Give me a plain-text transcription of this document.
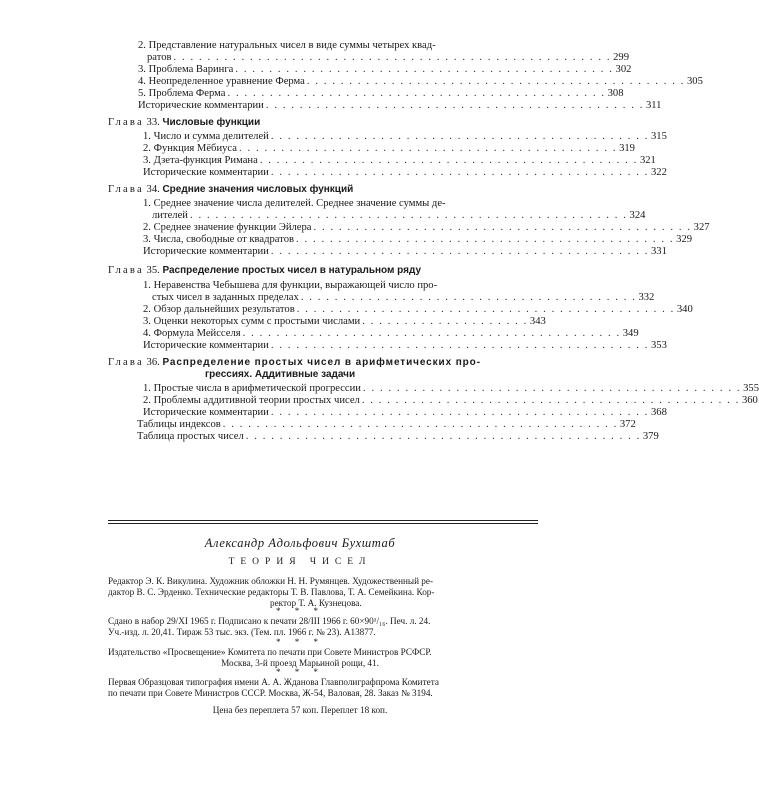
2. Представление натуральных чисел в виде суммы четырех квад-
ратов . . . . . . . . . . . . . . . . . . . . . . . . . . . . . . . . . . . . . . . . . . . . . . . . . . . . 299
3. Проблема Варинга . . . . . . . . . . . . . . . . . . . . . . . . . . . . . . . . . . . . . . . . . . . . . 302
4. Неопределенное уравнение Ферма . . . . . . . . . . . . . . . . . . . . . . . . . . . . . . . . . . . . . . . . . . . . . 305
5. Проблема Ферма . . . . . . . . . . . . . . . . . . . . . . . . . . . . . . . . . . . . . . . . . . . . . 308
Исторические комментарии . . . . . . . . . . . . . . . . . . . . . . . . . . . . . . . . . . . . . . . . . . . . . 311
Глава 33. Числовые функции
1. Число и сумма делителей . . . . . . . . . . . . . . . . . . . . . . . . . . . . . . . . . . . . . . . . . . . . . 315
2. Функция Мёбиуса . . . . . . . . . . . . . . . . . . . . . . . . . . . . . . . . . . . . . . . . . . . . . 319
3. Дзета-функция Римана . . . . . . . . . . . . . . . . . . . . . . . . . . . . . . . . . . . . . . . . . . . . . 321
Исторические комментарии . . . . . . . . . . . . . . . . . . . . . . . . . . . . . . . . . . . . . . . . . . . . . 322
Глава 34. Средние значения числовых функций
1. Среднее значение числа делителей. Среднее значение суммы де-
лителей . . . . . . . . . . . . . . . . . . . . . . . . . . . . . . . . . . . . . . . . . . . . . . . . . . . . 324
2. Среднее значение функции Эйлера . . . . . . . . . . . . . . . . . . . . . . . . . . . . . . . . . . . . . . . . . . . . . 327
3. Числа, свободные от квадратов . . . . . . . . . . . . . . . . . . . . . . . . . . . . . . . . . . . . . . . . . . . . . 329
Исторические комментарии . . . . . . . . . . . . . . . . . . . . . . . . . . . . . . . . . . . . . . . . . . . . . 331
Глава 35. Распределение простых чисел в натуральном ряду
1. Неравенства Чебышева для функции, выражающей число про-
стых чисел в заданных пределах . . . . . . . . . . . . . . . . . . . . . . . . . . . . . . . . . . . . . . . . 332
2. Обзор дальнейших результатов . . . . . . . . . . . . . . . . . . . . . . . . . . . . . . . . . . . . . . . . . . . . . 340
3. Оценки некоторых сумм с простыми числами . . . . . . . . . . . . . . . . . . . . 343
4. Формула Мейсселя . . . . . . . . . . . . . . . . . . . . . . . . . . . . . . . . . . . . . . . . . . . . . 349
Исторические комментарии . . . . . . . . . . . . . . . . . . . . . . . . . . . . . . . . . . . . . . . . . . . . . 353
Глава 36. Распределение простых чисел в арифметических про-
грессиях. Аддитивные задачи
1. Простые числа в арифметической прогрессии . . . . . . . . . . . . . . . . . . . . . . . . . . . . . . . . . . . . . . . . . . . . . 355
2. Проблемы аддитивной теории простых чисел . . . . . . . . . . . . . . . . . . . . . . . . . . . . . . . . . . . . . . . . . . . . . 360
Исторические комментарии . . . . . . . . . . . . . . . . . . . . . . . . . . . . . . . . . . . . . . . . . . . . . 368
Таблицы индексов . . . . . . . . . . . . . . . . . . . . . . . . . . . . . . . . . . . . . . . . . . . . . . . 372
Таблица простых чисел . . . . . . . . . . . . . . . . . . . . . . . . . . . . . . . . . . . . . . . . . . . . . . . 379
Александр Адольфович Бухштаб
ТЕОРИЯ ЧИСЕЛ
Редактор Э. К. Викулина. Художник обложки Н. Н. Румянцев. Художественный ре-
дактор В. С. Эрденко. Технические редакторы Т. В. Павлова, Т. А. Семейкина. Кор-
ректор Т. А. Кузнецова.
* * *
Сдано в набор 29/XI 1965 г. Подписано к печати 28/III 1966 г. 60×90¹/₁₆. Печ. л. 24.
Уч.-изд. л. 20,41. Тираж 53 тыс. экз. (Тем. пл. 1966 г. № 23). А13877.
* * *
Издательство «Просвещение» Комитета по печати при Совете Министров РСФСР.
Москва, 3-й проезд Марьиной рощи, 41.
* * *
Первая Образцовая типография имени А. А. Жданова Главполиграфпрома Комитета
по печати при Совете Министров СССР. Москва, Ж-54, Валовая, 28. Заказ № 3194.
Цена без переплета 57 коп. Переплет 18 коп.
